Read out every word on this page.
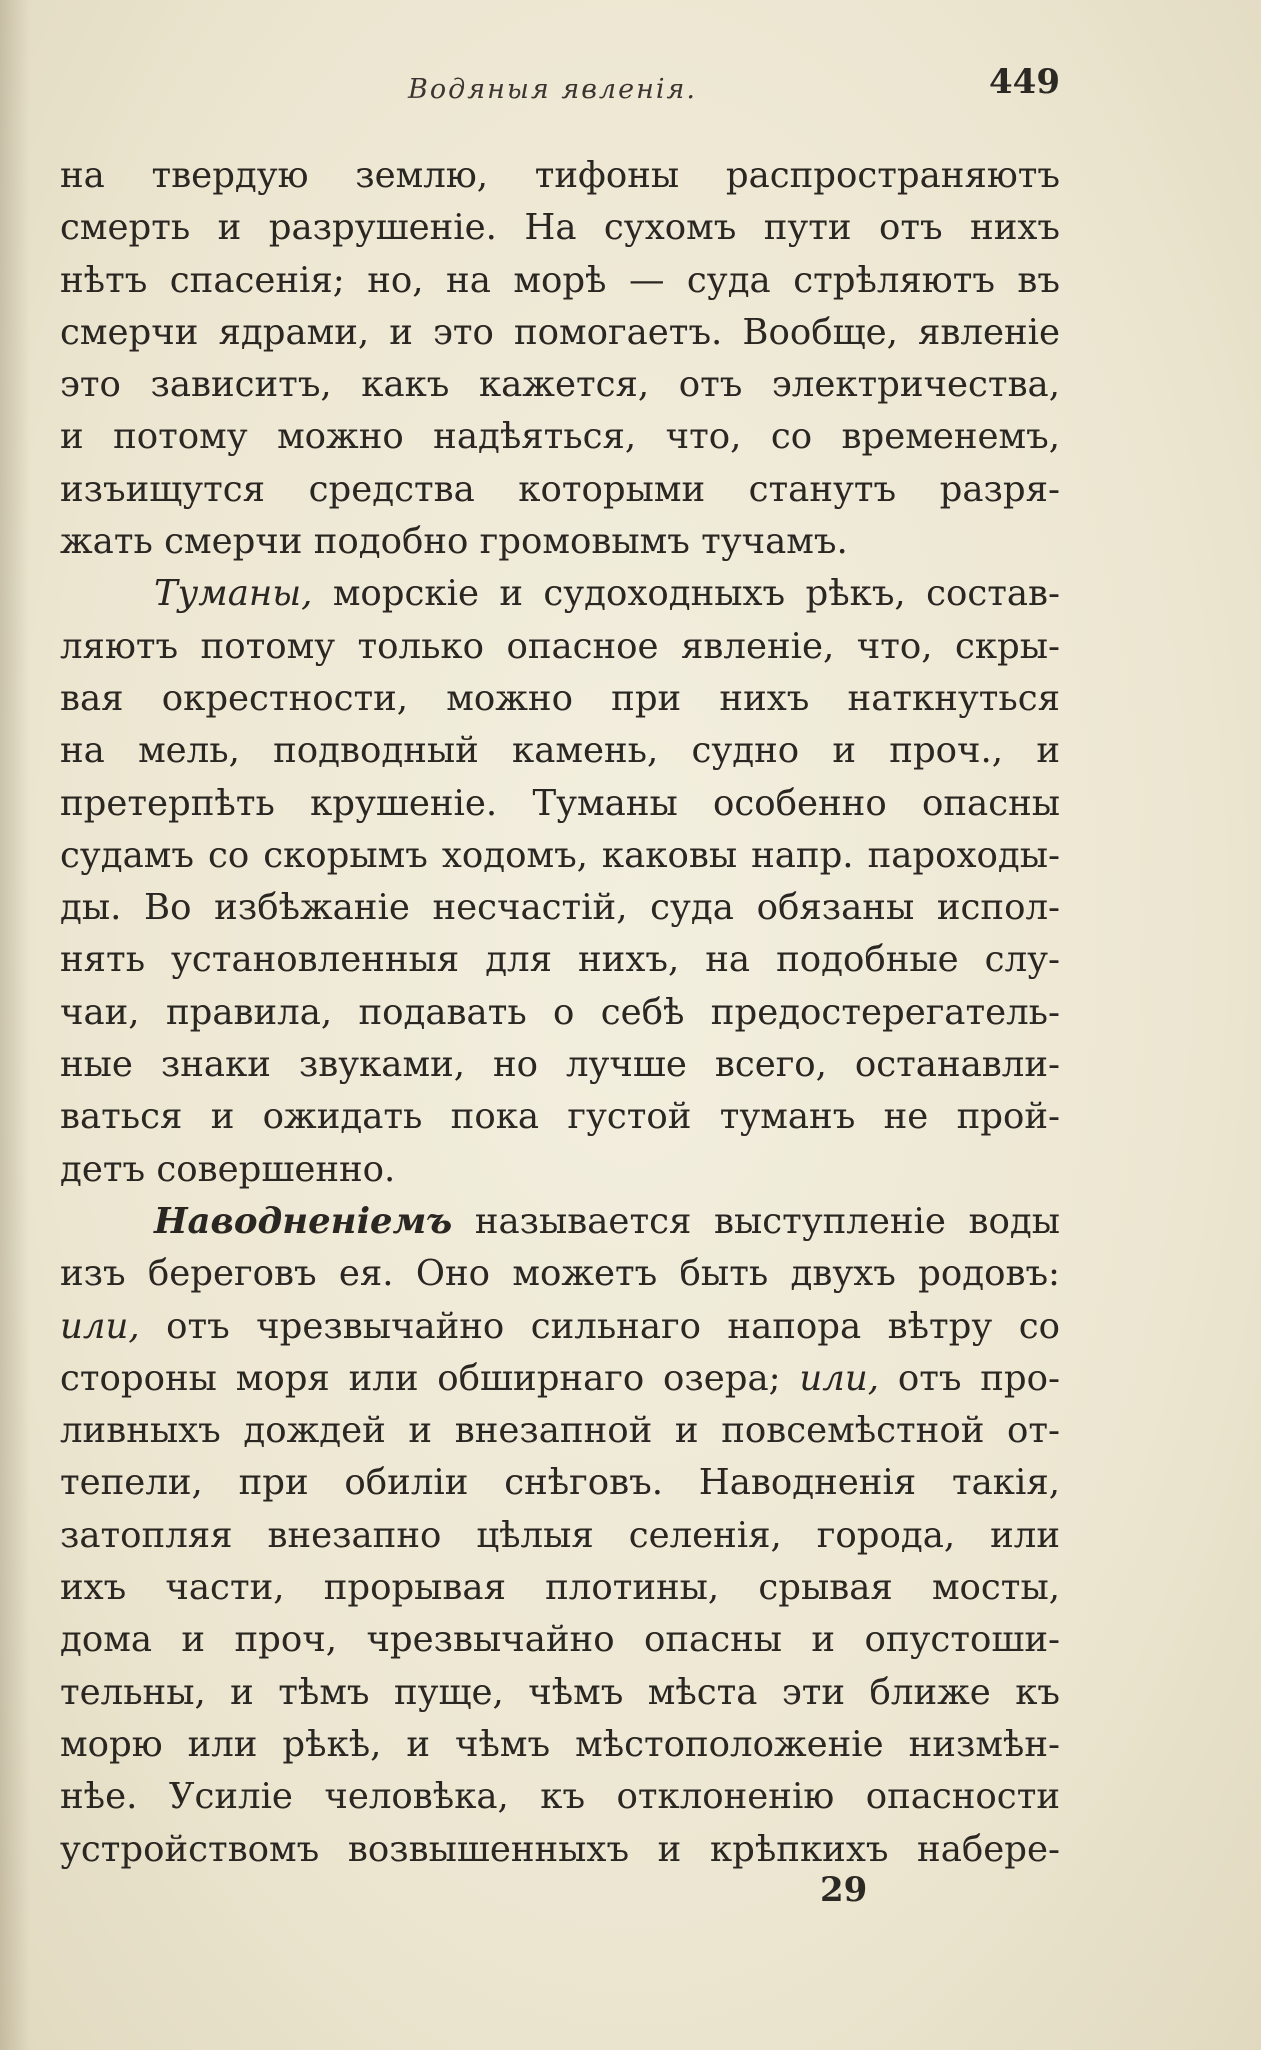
Водяныя явленія.	449
на твердую землю, тифоны распространяютъ
смерть и разрушеніе. На сухомъ пути отъ нихъ
нѣтъ спасенія; но, на морѣ — суда стрѣляютъ въ
смерчи ядрами, и это помогаетъ. Вообще, явленіе
это зависитъ, какъ кажется, отъ электричества,
и потому можно надѣяться, что, со временемъ,
изъищутся средства которыми станутъ разря-
жать смерчи подобно громовымъ тучамъ.
Туманы, морскіе и судоходныхъ рѣкъ, состав-
ляютъ потому только опасное явленіе, что, скры-
вая окрестности, можно при нихъ наткнуться
на мель, подводный камень, судно и проч., и
претерпѣть крушеніе. Туманы особенно опасны
судамъ со скорымъ ходомъ, каковы напр. пароходы-
ды. Во избѣжаніе несчастій, суда обязаны испол-
нять установленныя для нихъ, на подобные слу-
чаи, правила, подавать о себѣ предостерегатель-
ные знаки звуками, но лучше всего, останавли-
ваться и ожидать пока густой туманъ не прой-
детъ совершенно.
Наводненіемъ называется выступленіе воды
изъ береговъ ея. Оно можетъ быть двухъ родовъ:
или, отъ чрезвычайно сильнаго напора вѣтру со
стороны моря или обширнаго озера; или, отъ про-
ливныхъ дождей и внезапной и повсемѣстной от-
тепели, при обиліи снѣговъ. Наводненія такія,
затопляя внезапно цѣлыя селенія, города, или
ихъ части, прорывая плотины, срывая мосты,
дома и проч, чрезвычайно опасны и опустоши-
тельны, и тѣмъ пуще, чѣмъ мѣста эти ближе къ
морю или рѣкѣ, и чѣмъ мѣстоположеніе низмѣн-
нѣе. Усиліе человѣка, къ отклоненію опасности
устройствомъ возвышенныхъ и крѣпкихъ набере-
29
